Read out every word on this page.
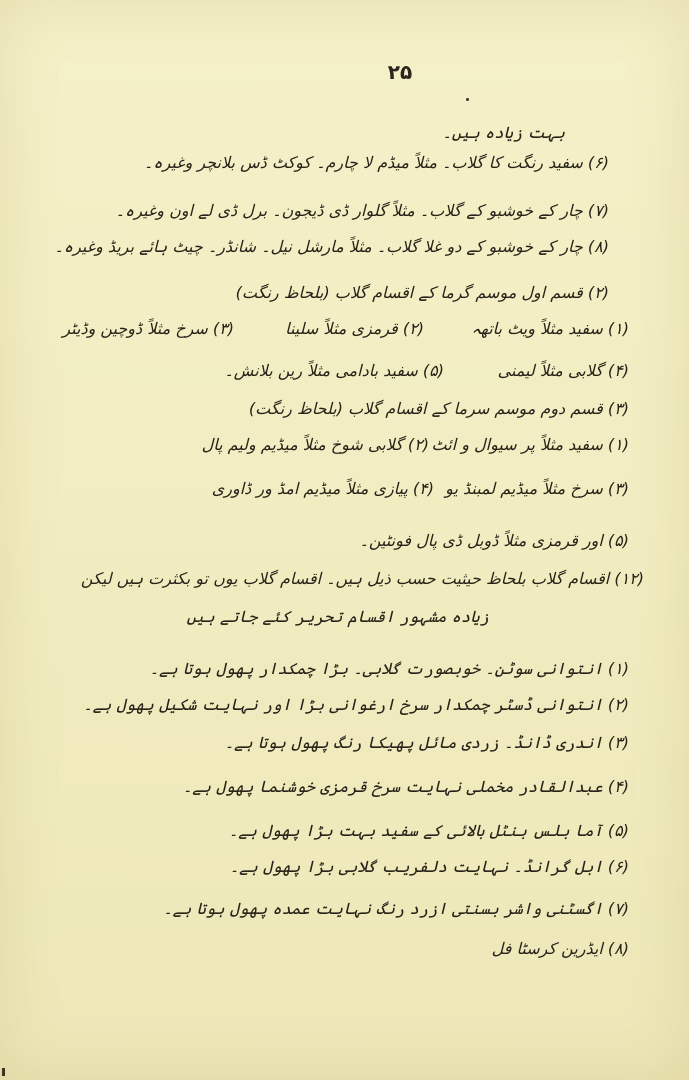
۲۵
بہت زیادہ ہیں۔
(۶) سفید رنگت کا گلاب۔ مثلاً میڈم لا چارم۔ کوکٹ ڈس بلانچر وغیرہ۔
(۷) چار کے خوشبو کے گلاب۔ مثلاً گلوار ڈی ڈیجون۔ برل ڈی لے اون وغیرہ۔
(۸) چار کے خوشبو کے دو غلا گلاب۔ مثلاً مارشل نیل۔ شانڈر۔ چیٹ ہائے بریڈ وغیرہ۔
(۲) قسم اول موسم گرما کے اقسام گلاب (بلحاظ رنگت)
(۱) سفید مثلاً ویٹ باتھہ
(۲) قرمزی مثلاً سلینا
(۳) سرخ مثلاً ڈوچین وڈیٹر
(۴) گلابی مثلاً لیمنی
(۵) سفید بادامی مثلاً رین بلانش۔
(۳) قسم دوم موسم سرما کے اقسام گلاب (بلحاظ رنگت)
(۱) سفید مثلاً پر سیوال و ائٹ
(۲) گلابی شوخ مثلاً میڈیم ولیم پال
(۳) سرخ مثلاً میڈیم لمبنڈ یو
(۴) پیازی مثلاً میڈیم امڈ ور ڈاوری
(۵) اور قرمزی مثلاً ڈوبل ڈی پال فونٹین۔
(۱۲) اقسام گلاب بلحاظ حیثیت حسب ذیل ہیں۔ اقسام گلاب یوں تو بکثرت ہیں لیکن
زیادہ مشہور اقسام تحریر کئے جاتے ہیں
(۱) انتوانی سوٹن۔ خوبصورت گلابی۔ بڑا چمکدار پھول ہوتا ہے۔
(۲) انتوانی ڈسٹر چمکدار سرخ ارغوانی بڑا اور نہایت شکیل پھول ہے۔
(۳) اندری ڈانڈ۔ زردی مائل پھیکا رنگ پھول ہوتا ہے۔
(۴) عبدالقادر مخملی نہایت سرخ قرمزی خوشنما پھول ہے۔
(۵) آما بلس بنٹل بالائی کے سفید بہت بڑا پھول ہے۔
(۶) ابل گرانڈ۔ نہایت دلفریب گلابی بڑا پھول ہے۔
(۷) اگسٹنی واشر بسنتی ازرد رنگ نہایت عمدہ پھول ہوتا ہے۔
(۸) ایڈرین کرسٹا فل
